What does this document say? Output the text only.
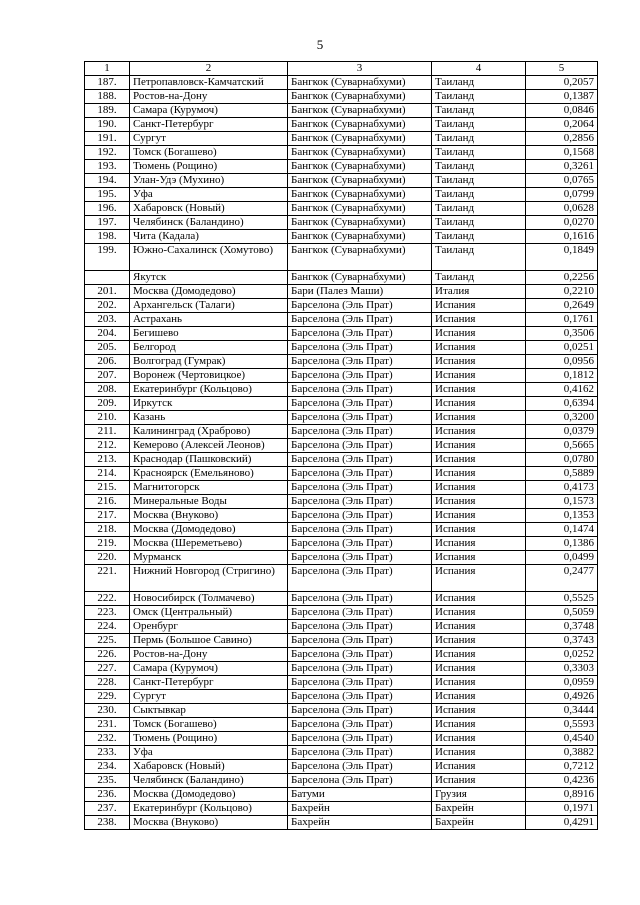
5
1	2	3	4	5
187.	Петропавловск-Камчатский	Бангкок (Суварнабхуми)	Таиланд	0,2057
188.	Ростов-на-Дону	Бангкок (Суварнабхуми)	Таиланд	0,1387
189.	Самара (Курумоч)	Бангкок (Суварнабхуми)	Таиланд	0,0846
190.	Санкт-Петербург	Бангкок (Суварнабхуми)	Таиланд	0,2064
191.	Сургут	Бангкок (Суварнабхуми)	Таиланд	0,2856
192.	Томск (Богашево)	Бангкок (Суварнабхуми)	Таиланд	0,1568
193.	Тюмень (Рощино)	Бангкок (Суварнабхуми)	Таиланд	0,3261
194.	Улан-Удэ (Мухино)	Бангкок (Суварнабхуми)	Таиланд	0,0765
195.	Уфа	Бангкок (Суварнабхуми)	Таиланд	0,0799
196.	Хабаровск (Новый)	Бангкок (Суварнабхуми)	Таиланд	0,0628
197.	Челябинск (Баландино)	Бангкок (Суварнабхуми)	Таиланд	0,0270
198.	Чита (Кадала)	Бангкок (Суварнабхуми)	Таиланд	0,1616
199.	Южно-Сахалинск (Хомутово)	Бангкок (Суварнабхуми)	Таиланд	0,1849
	Якутск	Бангкок (Суварнабхуми)	Таиланд	0,2256
201.	Москва (Домодедово)	Бари (Палез Маши)	Италия	0,2210
202.	Архангельск (Талаги)	Барселона (Эль Прат)	Испания	0,2649
203.	Астрахань	Барселона (Эль Прат)	Испания	0,1761
204.	Бегишево	Барселона (Эль Прат)	Испания	0,3506
205.	Белгород	Барселона (Эль Прат)	Испания	0,0251
206.	Волгоград (Гумрак)	Барселона (Эль Прат)	Испания	0,0956
207.	Воронеж (Чертовицкое)	Барселона (Эль Прат)	Испания	0,1812
208.	Екатеринбург (Кольцово)	Барселона (Эль Прат)	Испания	0,4162
209.	Иркутск	Барселона (Эль Прат)	Испания	0,6394
210.	Казань	Барселона (Эль Прат)	Испания	0,3200
211.	Калининград (Храброво)	Барселона (Эль Прат)	Испания	0,0379
212.	Кемерово (Алексей Леонов)	Барселона (Эль Прат)	Испания	0,5665
213.	Краснодар (Пашковский)	Барселона (Эль Прат)	Испания	0,0780
214.	Красноярск (Емельяново)	Барселона (Эль Прат)	Испания	0,5889
215.	Магнитогорск	Барселона (Эль Прат)	Испания	0,4173
216.	Минеральные Воды	Барселона (Эль Прат)	Испания	0,1573
217.	Москва (Внуково)	Барселона (Эль Прат)	Испания	0,1353
218.	Москва (Домодедово)	Барселона (Эль Прат)	Испания	0,1474
219.	Москва (Шереметьево)	Барселона (Эль Прат)	Испания	0,1386
220.	Мурманск	Барселона (Эль Прат)	Испания	0,0499
221.	Нижний Новгород (Стригино)	Барселона (Эль Прат)	Испания	0,2477
222.	Новосибирск (Толмачево)	Барселона (Эль Прат)	Испания	0,5525
223.	Омск (Центральный)	Барселона (Эль Прат)	Испания	0,5059
224.	Оренбург	Барселона (Эль Прат)	Испания	0,3748
225.	Пермь (Большое Савино)	Барселона (Эль Прат)	Испания	0,3743
226.	Ростов-на-Дону	Барселона (Эль Прат)	Испания	0,0252
227.	Самара (Курумоч)	Барселона (Эль Прат)	Испания	0,3303
228.	Санкт-Петербург	Барселона (Эль Прат)	Испания	0,0959
229.	Сургут	Барселона (Эль Прат)	Испания	0,4926
230.	Сыктывкар	Барселона (Эль Прат)	Испания	0,3444
231.	Томск (Богашево)	Барселона (Эль Прат)	Испания	0,5593
232.	Тюмень (Рощино)	Барселона (Эль Прат)	Испания	0,4540
233.	Уфа	Барселона (Эль Прат)	Испания	0,3882
234.	Хабаровск (Новый)	Барселона (Эль Прат)	Испания	0,7212
235.	Челябинск (Баландино)	Барселона (Эль Прат)	Испания	0,4236
236.	Москва (Домодедово)	Батуми	Грузия	0,8916
237.	Екатеринбург (Кольцово)	Бахрейн	Бахрейн	0,1971
238.	Москва (Внуково)	Бахрейн	Бахрейн	0,4291
